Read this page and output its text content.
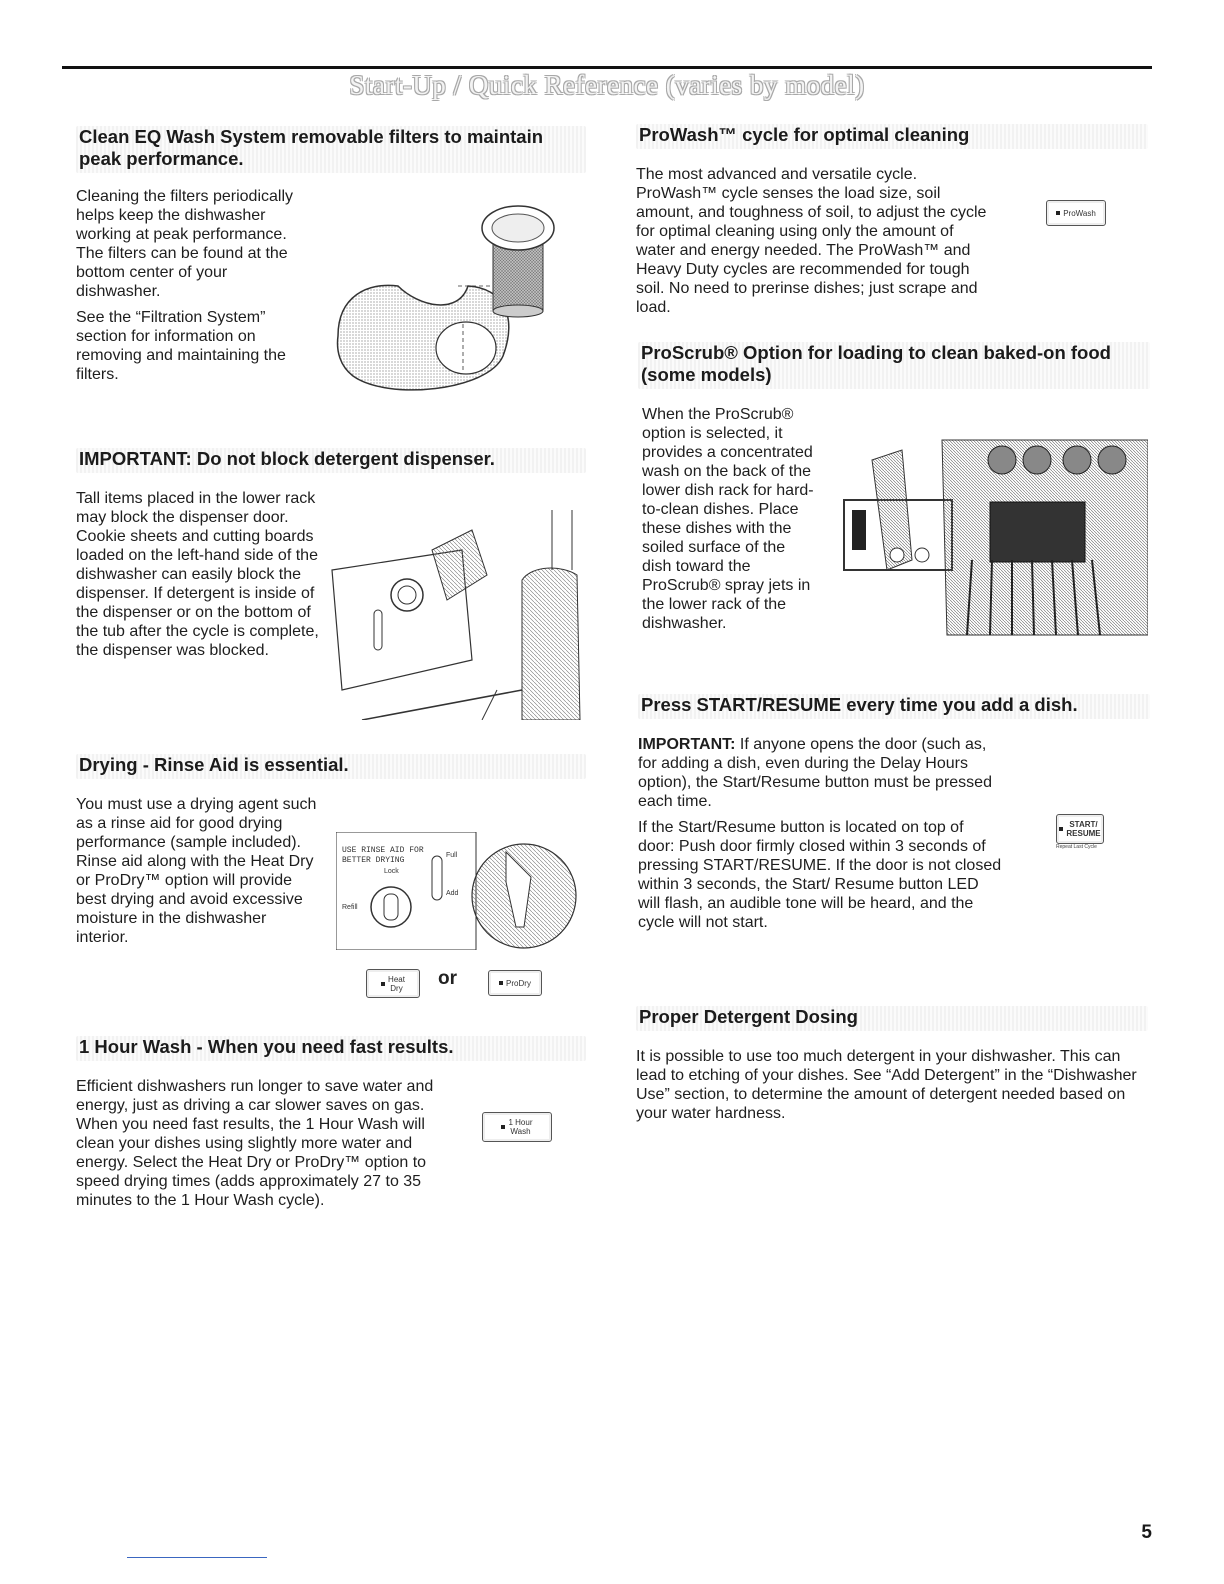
Start-Up / Quick Reference (varies by model)
Clean EQ Wash System removable filters to maintain peak performance.

Cleaning the filters periodically helps keep the dishwasher working at peak performance. The filters can be found at the bottom center of your dishwasher.

See the “Filtration System” section for information on removing and maintaining the filters.

IMPORTANT: Do not block detergent dispenser.

Tall items placed in the lower rack may block the dispenser door. Cookie sheets and cutting boards loaded on the left-hand side of the dishwasher can easily block the dispenser. If detergent is inside of the dispenser or on the bottom of the tub after the cycle is complete, the dispenser was blocked.

Drying - Rinse Aid is essential.

You must use a drying agent such as a rinse aid for good drying performance (sample included). Rinse aid along with the Heat Dry or ProDry™ option will provide best drying and avoid excessive moisture in the dishwasher interior.

USE RINSE AID FOR BETTER DRYING
Full
Add
Lock
Refill
Heat
Dry or	ProDry
1 Hour Wash - When you need fast results.

Efficient dishwashers run longer to save water and energy, just as driving a car slower saves on gas. When you need fast results, the 1 Hour Wash will clean your dishes using slightly more water and energy. Select the Heat Dry or ProDry™ option to speed drying times (adds approximately 27 to 35 minutes to the 1 Hour Wash cycle).

1 Hour
Wash
ProWash™ cycle for optimal cleaning

The most advanced and versatile cycle. ProWash™ cycle senses the load size, soil amount, and toughness of soil, to adjust the cycle for optimal cleaning using only the amount of water and energy needed. The ProWash™ and Heavy Duty cycles are recommended for tough soil. No need to prerinse dishes; just scrape and load.

ProWash
ProScrub® Option for loading to clean baked-on food (some models)

When the ProScrub® option is selected, it provides a concentrated wash on the back of the lower dish rack for hard-to-clean dishes. Place these dishes with the soiled surface of the dish toward the ProScrub® spray jets in the lower rack of the dishwasher.

Press START/RESUME every time you add a dish.

IMPORTANT: If anyone opens the door (such as, for adding a dish, even during the Delay Hours option), the Start/Resume button must be pressed each time.

If the Start/Resume button is located on top of door: Push door firmly closed within 3 seconds of pressing START/RESUME. If the door is not closed within 3 seconds, the Start/ Resume button LED will flash, an audible tone will be heard, and the cycle will not start.

START/
RESUME
Repeat Last Cycle
Proper Detergent Dosing

It is possible to use too much detergent in your dishwasher. This can lead to etching of your dishes. See “Add Detergent” in the “Dishwasher Use” section, to determine the amount of detergent needed based on your water hardness.

5
